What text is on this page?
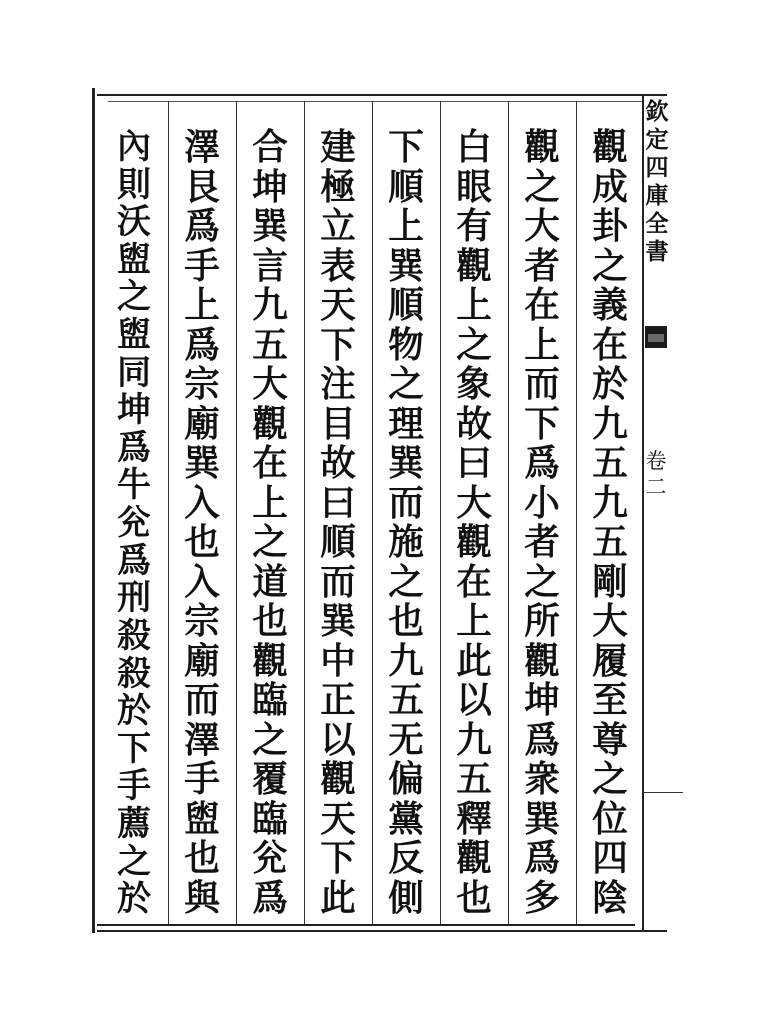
欽
定
四
庫
全
書
卷
二
觀
成
卦
之
義
在
於
九
五
九
五
剛
大
履
至
尊
之
位
四
陰
觀
之
大
者
在
上
而
下
爲
小
者
之
所
觀
坤
爲
衆
巽
爲
多
白
眼
有
觀
上
之
象
故
曰
大
觀
在
上
此
以
九
五
釋
觀
也
下
順
上
巽
順
物
之
理
巽
而
施
之
也
九
五
无
偏
黨
反
側
建
極
立
表
天
下
注
目
故
曰
順
而
巽
中
正
以
觀
天
下
此
合
坤
巽
言
九
五
大
觀
在
上
之
道
也
觀
臨
之
覆
臨
兊
爲
澤
艮
爲
手
上
爲
宗
廟
巽
入
也
入
宗
廟
而
澤
手
盥
也
與
內
則
沃
盥
之
盥
同
坤
爲
牛
兊
爲
刑
殺
殺
於
下
手
薦
之
於
